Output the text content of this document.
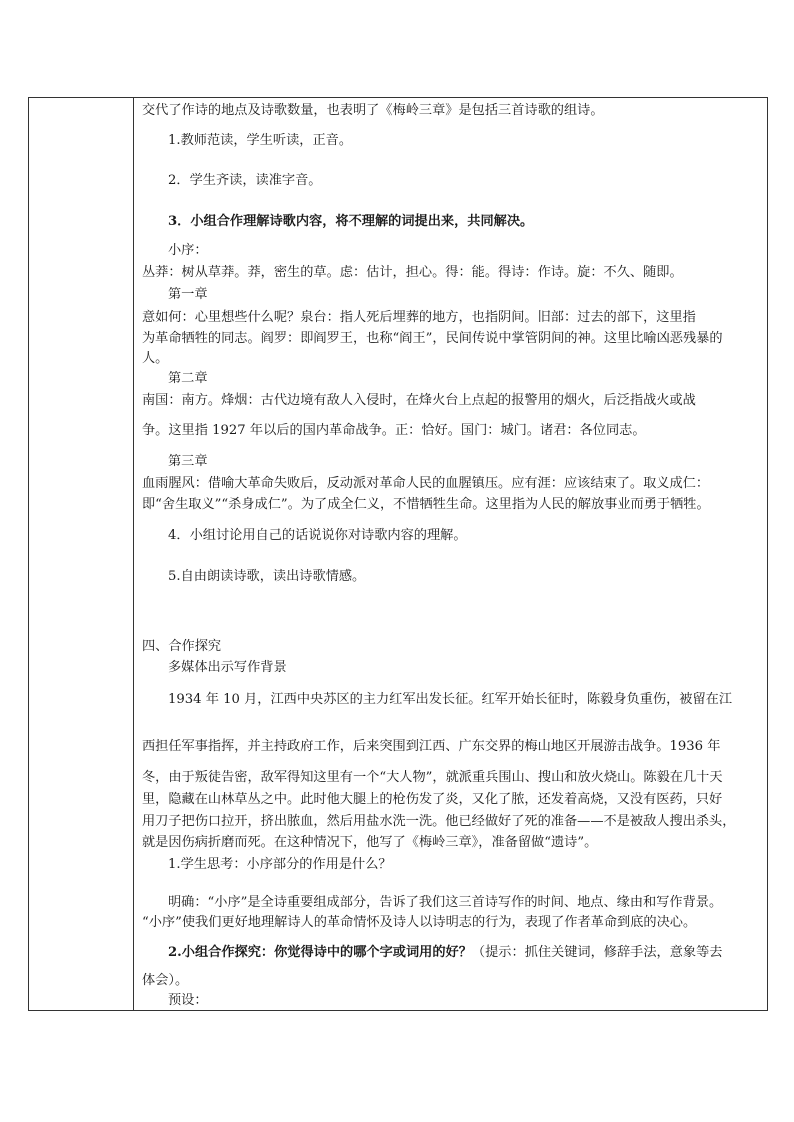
交代了作诗的地点及诗歌数量，也表明了《梅岭三章》是包括三首诗歌的组诗。
1.教师范读，学生听读，正音。
2．学生齐读，读准字音。
3．小组合作理解诗歌内容，将不理解的词提出来，共同解决。
小序：
丛莽：树从草莽。莽，密生的草。虑：估计，担心。得：能。得诗：作诗。旋：不久、随即。
第一章
意如何：心里想些什么呢？泉台：指人死后埋葬的地方，也指阴间。旧部：过去的部下，这里指
为革命牺牲的同志。阎罗：即阎罗王，也称“阎王”，民间传说中掌管阴间的神。这里比喻凶恶残暴的
人。
第二章
南国：南方。烽烟：古代边境有敌人入侵时，在烽火台上点起的报警用的烟火，后泛指战火或战
争。这里指 1927 年以后的国内革命战争。正：恰好。国门：城门。诸君：各位同志。
第三章
血雨腥风：借喻大革命失败后，反动派对革命人民的血腥镇压。应有涯：应该结束了。取义成仁：
即“舍生取义”“杀身成仁”。为了成全仁义，不惜牺牲生命。这里指为人民的解放事业而勇于牺牲。
4．小组讨论用自己的话说说你对诗歌内容的理解。
5.自由朗读诗歌，读出诗歌情感。
四、合作探究
多媒体出示写作背景
1934 年 10 月，江西中央苏区的主力红军出发长征。红军开始长征时，陈毅身负重伤，被留在江
西担任军事指挥，并主持政府工作，后来突围到江西、广东交界的梅山地区开展游击战争。1936 年
冬，由于叛徒告密，敌军得知这里有一个“大人物”，就派重兵围山、搜山和放火烧山。陈毅在几十天
里，隐藏在山林草丛之中。此时他大腿上的枪伤发了炎，又化了脓，还发着高烧，又没有医药，只好
用刀子把伤口拉开，挤出脓血，然后用盐水洗一洗。他已经做好了死的准备——不是被敌人搜出杀头，
就是因伤病折磨而死。在这种情况下，他写了《梅岭三章》，准备留做“遗诗”。
1.学生思考：小序部分的作用是什么？
明确：“小序”是全诗重要组成部分，告诉了我们这三首诗写作的时间、地点、缘由和写作背景。
“小序”使我们更好地理解诗人的革命情怀及诗人以诗明志的行为，表现了作者革命到底的决心。
2.小组合作探究：你觉得诗中的哪个字或词用的好？（提示：抓住关键词，修辞手法，意象等去
体会）。
预设：
